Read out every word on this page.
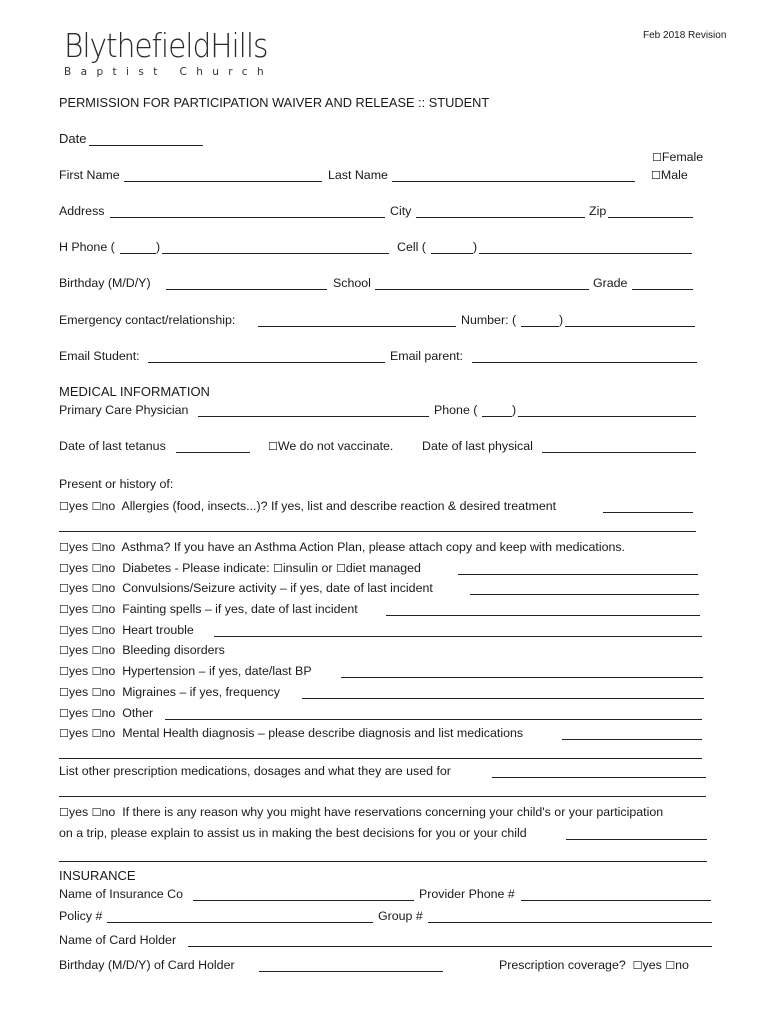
BlythefieldHills
Baptist Church
Feb 2018 Revision
PERMISSION FOR PARTICIPATION WAIVER AND RELEASE :: STUDENT
Date
☐Female
☐Male
First Name	Last Name
Address	City	Zip
H Phone (	)	Cell (	)
Birthday (M/D/Y)	School	Grade
Emergency contact/relationship:	Number: (	)
Email Student:	Email parent:
MEDICAL INFORMATION
Primary Care Physician	Phone (	)
Date of last tetanus	☐We do not vaccinate. Date of last physical
Present or history of:
☐yes ☐no Allergies (food, insects...)? If yes, list and describe reaction & desired treatment
☐yes ☐no Asthma? If you have an Asthma Action Plan, please attach copy and keep with medications.
☐yes ☐no Diabetes - Please indicate: ☐insulin or ☐diet managed
☐yes ☐no Convulsions/Seizure activity – if yes, date of last incident
☐yes ☐no Fainting spells – if yes, date of last incident
☐yes ☐no Heart trouble
☐yes ☐no Bleeding disorders
☐yes ☐no Hypertension – if yes, date/last BP
☐yes ☐no Migraines – if yes, frequency
☐yes ☐no Other
☐yes ☐no Mental Health diagnosis – please describe diagnosis and list medications
List other prescription medications, dosages and what they are used for
☐yes ☐no If there is any reason why you might have reservations concerning your child's or your participation
on a trip, please explain to assist us in making the best decisions for you or your child
INSURANCE
Name of Insurance Co	Provider Phone #
Policy #	Group #
Name of Card Holder
Birthday (M/D/Y) of Card Holder	Prescription coverage? ☐yes ☐no
